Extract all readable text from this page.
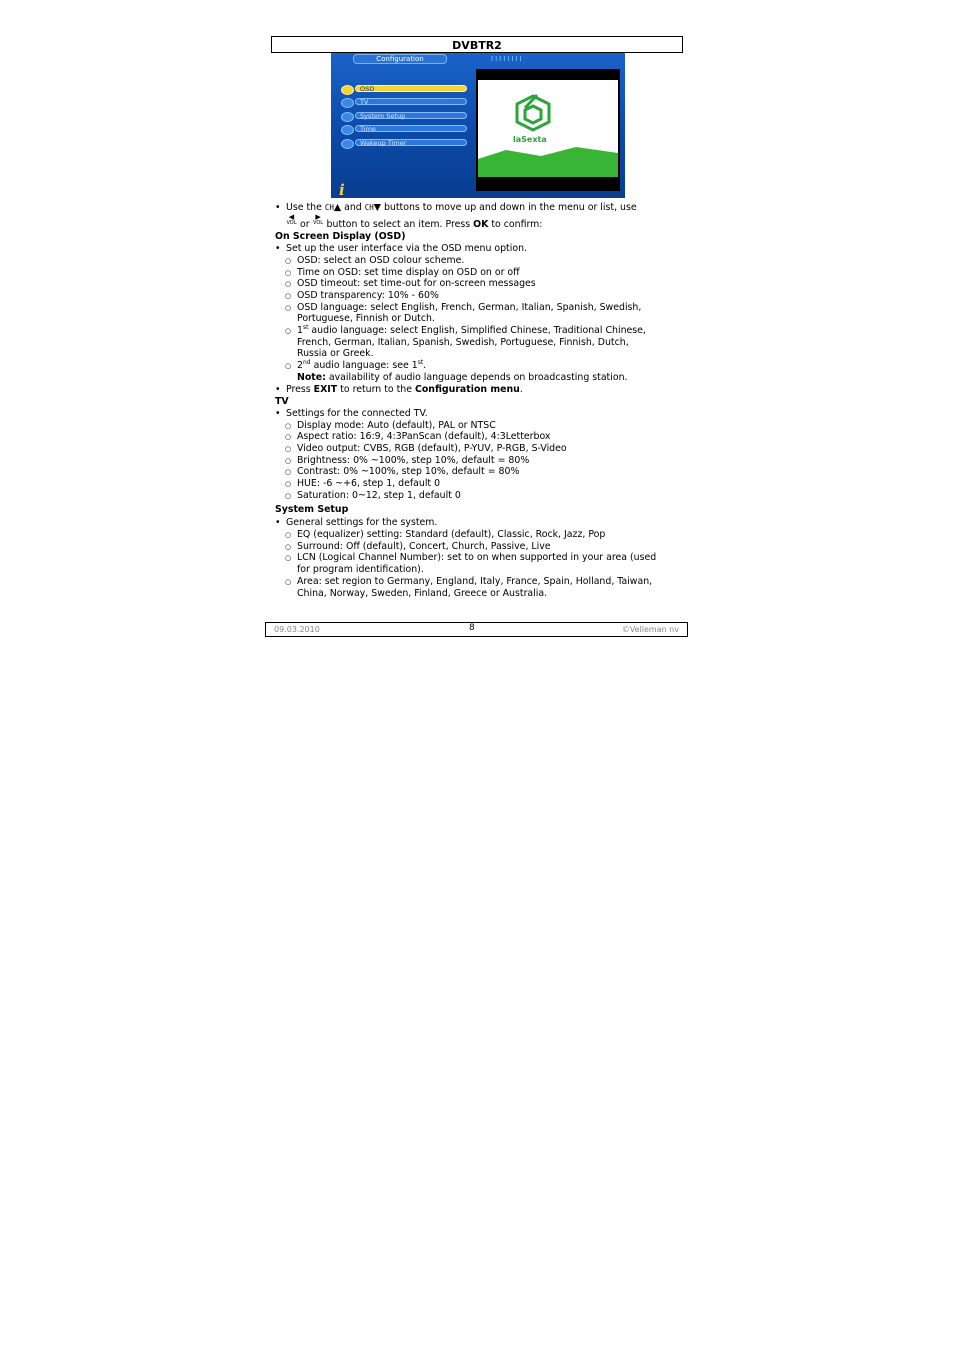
DVBTR2
Configuration	IIIIIIII
OSD
TV
System Setup
Time
Wakeup Timer	laSexta
i
• Use the CH▲ and CH▼ buttons to move up and down in the menu or list, use
◀
VOL or ▶
VOL button to select an item. Press OK to confirm:
On Screen Display (OSD)
• Set up the user interface via the OSD menu option.
○ OSD: select an OSD colour scheme.
○ Time on OSD: set time display on OSD on or off
○ OSD timeout: set time-out for on-screen messages
○ OSD transparency: 10% - 60%
○ OSD language: select English, French, German, Italian, Spanish, Swedish,
Portuguese, Finnish or Dutch.
○ 1st audio language: select English, Simplified Chinese, Traditional Chinese,
French, German, Italian, Spanish, Swedish, Portuguese, Finnish, Dutch,
Russia or Greek.
○ 2nd audio language: see 1st.
Note: availability of audio language depends on broadcasting station.
• Press EXIT to return to the Configuration menu.
TV
• Settings for the connected TV.
○ Display mode: Auto (default), PAL or NTSC
○ Aspect ratio: 16:9, 4:3PanScan (default), 4:3Letterbox
○ Video output: CVBS, RGB (default), P-YUV, P-RGB, S-Video
○ Brightness: 0% ~100%, step 10%, default = 80%
○ Contrast: 0% ~100%, step 10%, default = 80%
○ HUE: -6 ~+6, step 1, default 0
○ Saturation: 0~12, step 1, default 0
System Setup
• General settings for the system.
○ EQ (equalizer) setting: Standard (default), Classic, Rock, Jazz, Pop
○ Surround: Off (default), Concert, Church, Passive, Live
○ LCN (Logical Channel Number): set to on when supported in your area (used
for program identification).
○ Area: set region to Germany, England, Italy, France, Spain, Holland, Taiwan,
China, Norway, Sweden, Finland, Greece or Australia.
09.03.2010	8	©Velleman nv
